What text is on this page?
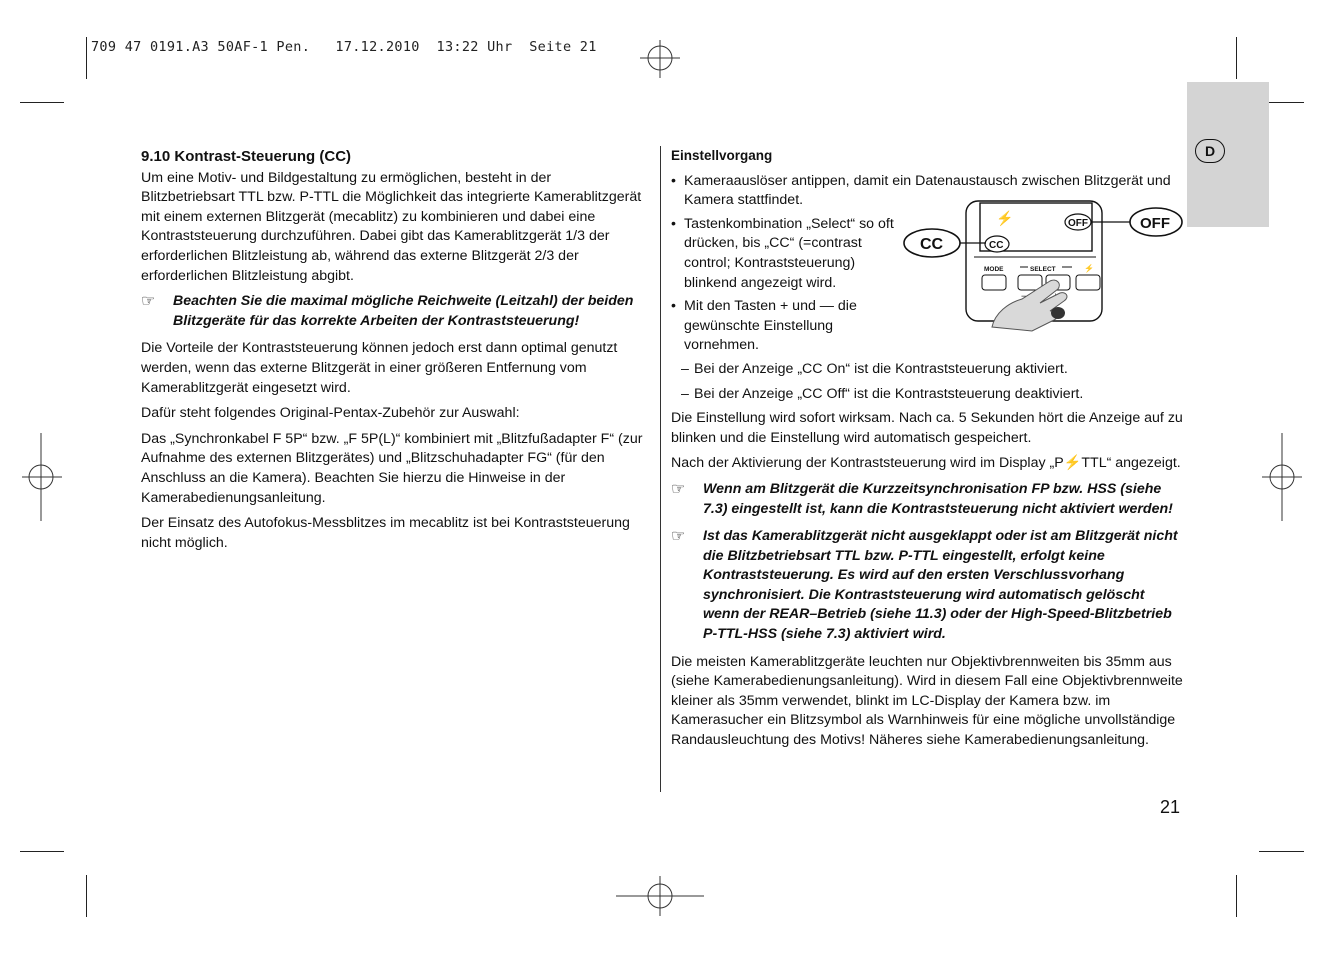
709 47 0191.A3 50AF-1 Pen.   17.12.2010  13:22 Uhr  Seite 21
D
9.10 Kontrast-Steuerung (CC)

Um eine Motiv- und Bildgestaltung zu ermöglichen, besteht in der Blitzbetriebsart TTL bzw. P-TTL die Möglichkeit das integrierte Kamerablitzgerät mit einem externen Blitzgerät (mecablitz) zu kombinieren und dabei eine Kontraststeuerung durchzuführen. Dabei gibt das Kamerablitzgerät 1/3 der erforderlichen Blitzleistung ab, während das externe Blitzgerät 2/3 der erforderlichen Blitzleistung abgibt.

☞	Beachten Sie die maximal mögliche Reichweite (Leitzahl) der beiden Blitzgeräte für das korrekte Arbeiten der Kontraststeuerung!

Die Vorteile der Kontraststeuerung können jedoch erst dann optimal genutzt werden, wenn das externe Blitzgerät in einer größeren Entfernung vom Kamerablitzgerät eingesetzt wird.

Dafür steht folgendes Original-Pentax-Zubehör zur Auswahl:

Das „Synchronkabel F 5P“ bzw. „F 5P(L)“ kombiniert mit „Blitzfußadapter F“ (zur Aufnahme des externen Blitzgerätes) und „Blitzschuhadapter FG“ (für den Anschluss an die Kamera). Beachten Sie hierzu die Hinweise in der Kamerabedienungsanleitung.

Der Einsatz des Autofokus-Messblitzes im mecablitz ist bei Kontraststeuerung nicht möglich.

Einstellvorgang
• Kameraauslöser antippen, damit ein Datenaustausch zwischen Blitzgerät und Kamera stattfindet.
• Tastenkombination „Select“ so oft drücken, bis „CC“ (=contrast control; Kontraststeuerung) blinkend angezeigt wird.
• Mit den Tasten + und — die gewünschte Einstellung vornehmen.
– Bei der Anzeige „CC On“ ist die Kontraststeuerung aktiviert.
– Bei der Anzeige „CC Off“ ist die Kontraststeuerung deaktiviert.

Die Einstellung wird sofort wirksam. Nach ca. 5 Sekunden hört die Anzeige auf zu blinken und die Einstellung wird automatisch gespeichert.

Nach der Aktivierung der Kontraststeuerung wird im Display „P⚡TTL“ angezeigt.

☞	Wenn am Blitzgerät die Kurzzeitsynchronisation FP bzw. HSS (siehe 7.3) eingestellt ist, kann die Kontraststeuerung nicht aktiviert werden!
☞	Ist das Kamerablitzgerät nicht ausgeklappt oder ist am Blitzgerät nicht die Blitzbetriebsart TTL bzw. P-TTL eingestellt, erfolgt keine Kontraststeuerung. Es wird auf den ersten Verschlussvorhang synchronisiert. Die Kontraststeuerung wird automatisch gelöscht wenn der REAR–Betrieb (siehe 11.3) oder der High-Speed-Blitzbetrieb P-TTL-HSS (siehe 7.3) aktiviert wird.

Die meisten Kamerablitzgeräte leuchten nur Objektivbrennweiten bis 35mm aus (siehe Kamerabedienungsanleitung). Wird in diesem Fall eine Objektivbrennweite kleiner als 35mm verwendet, blinkt im LC-Display der Kamera bzw. im Kamerasucher ein Blitzsymbol als Warnhinweis für eine mögliche unvollständige Randausleuchtung des Motivs! Näheres siehe Kamerabedienungsanleitung.

⚡	OFF
CC
CC
OFF
MODE	SELECT	⚡
−
21
